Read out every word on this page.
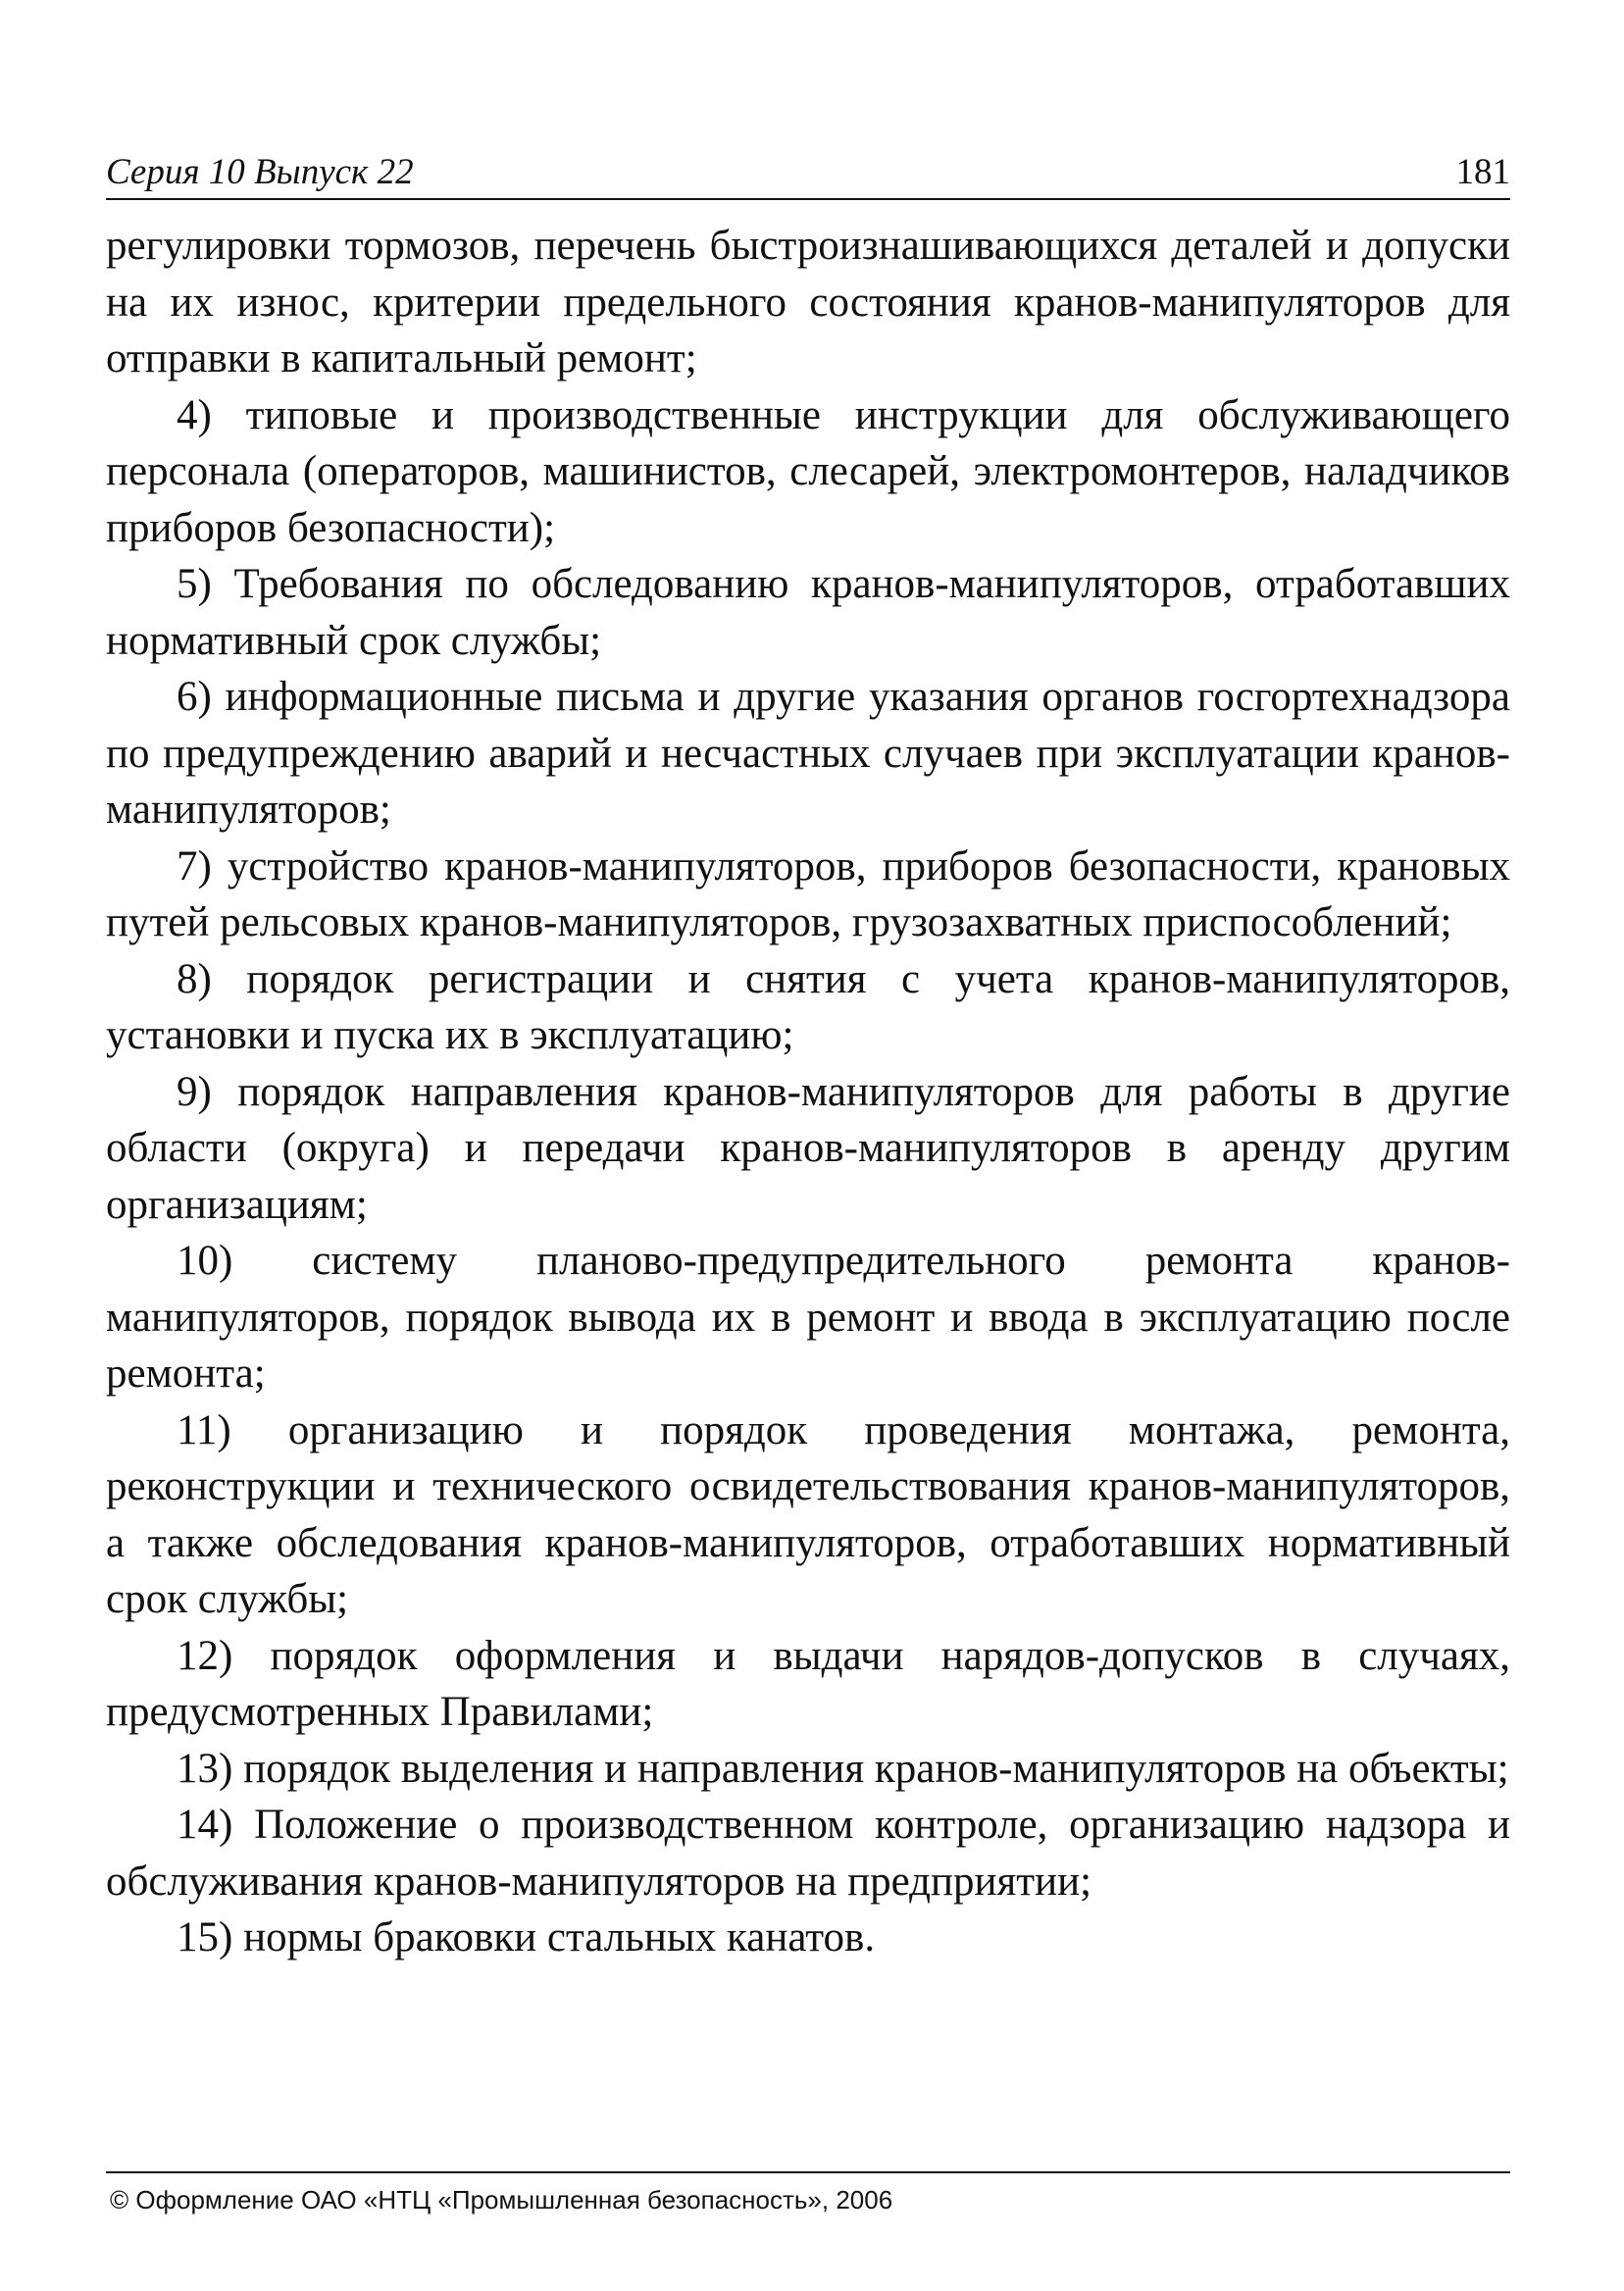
Серия 10 Выпуск 22	181

регулировки тормозов, перечень быстроизнашивающихся деталей и допуски на их износ, критерии предельного состояния кранов-манипуляторов для отправки в капитальный ремонт;

4) типовые и производственные инструкции для обслуживающего персонала (операторов, машинистов, слесарей, электромонтеров, наладчиков приборов безопасности);

5) Требования по обследованию кранов-манипуляторов, отработавших нормативный срок службы;

6) информационные письма и другие указания органов госгортехнадзора по предупреждению аварий и несчастных случаев при эксплуатации кранов-манипуляторов;

7) устройство кранов-манипуляторов, приборов безопасности, крановых путей рельсовых кранов-манипуляторов, грузозахватных приспособлений;

8) порядок регистрации и снятия с учета кранов-манипуляторов, установки и пуска их в эксплуатацию;

9) порядок направления кранов-манипуляторов для работы в другие области (округа) и передачи кранов-манипуляторов в аренду другим организациям;

10) систему планово-предупредительного ремонта кранов-манипуляторов, порядок вывода их в ремонт и ввода в эксплуатацию после ремонта;

11) организацию и порядок проведения монтажа, ремонта, реконструкции и технического освидетельствования кранов-манипуляторов, а также обследования кранов-манипуляторов, отработавших нормативный срок службы;

12) порядок оформления и выдачи нарядов-допусков в случаях, предусмотренных Правилами;

13) порядок выделения и направления кранов-манипуляторов на объекты;

14) Положение о производственном контроле, организацию надзора и обслуживания кранов-манипуляторов на предприятии;

15) нормы браковки стальных канатов.

© Оформление ОАО «НТЦ «Промышленная безопасность», 2006
